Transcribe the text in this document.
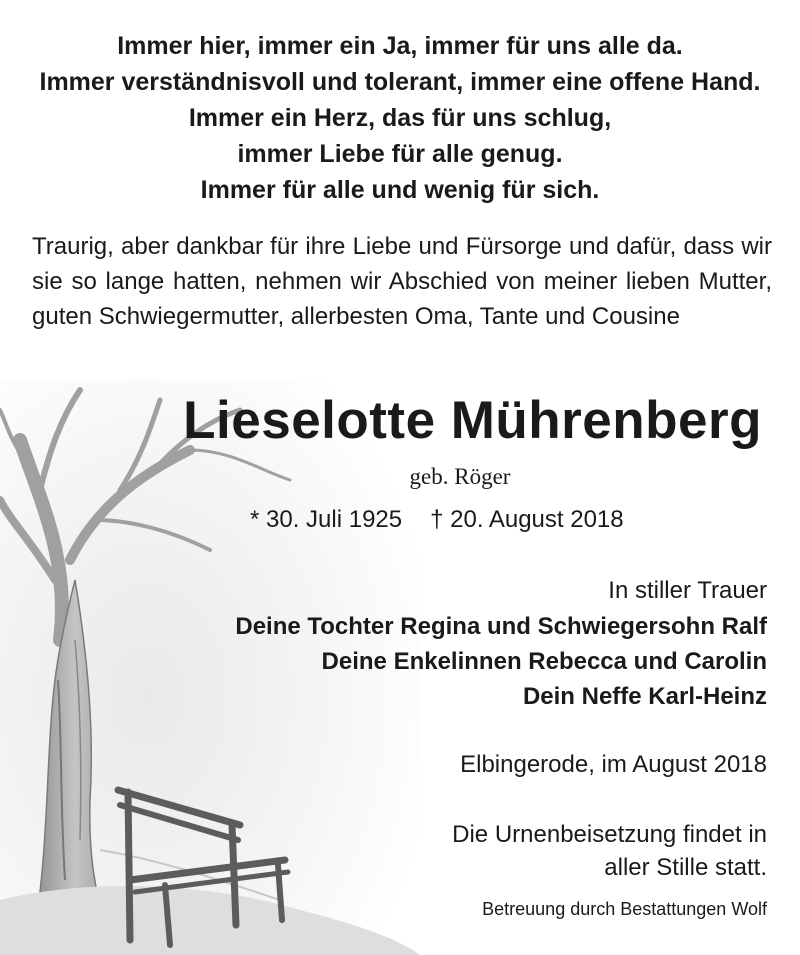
Immer hier, immer ein Ja, immer für uns alle da.
Immer verständnisvoll und tolerant, immer eine offene Hand.
Immer ein Herz, das für uns schlug,
immer Liebe für alle genug.
Immer für alle und wenig für sich.
Traurig, aber dankbar für ihre Liebe und Fürsorge und dafür, dass wir sie so lange hatten, nehmen wir Abschied von meiner lieben Mutter, guten Schwiegermutter, allerbesten Oma, Tante und Cousine
Lieselotte Mührenberg
geb. Röger
* 30. Juli 1925 † 20. August 2018
In stiller Trauer
Deine Tochter Regina und Schwiegersohn Ralf
Deine Enkelinnen Rebecca und Carolin
Dein Neffe Karl-Heinz
Elbingerode, im August 2018
Die Urnenbeisetzung findet in
aller Stille statt.
Betreuung durch Bestattungen Wolf
